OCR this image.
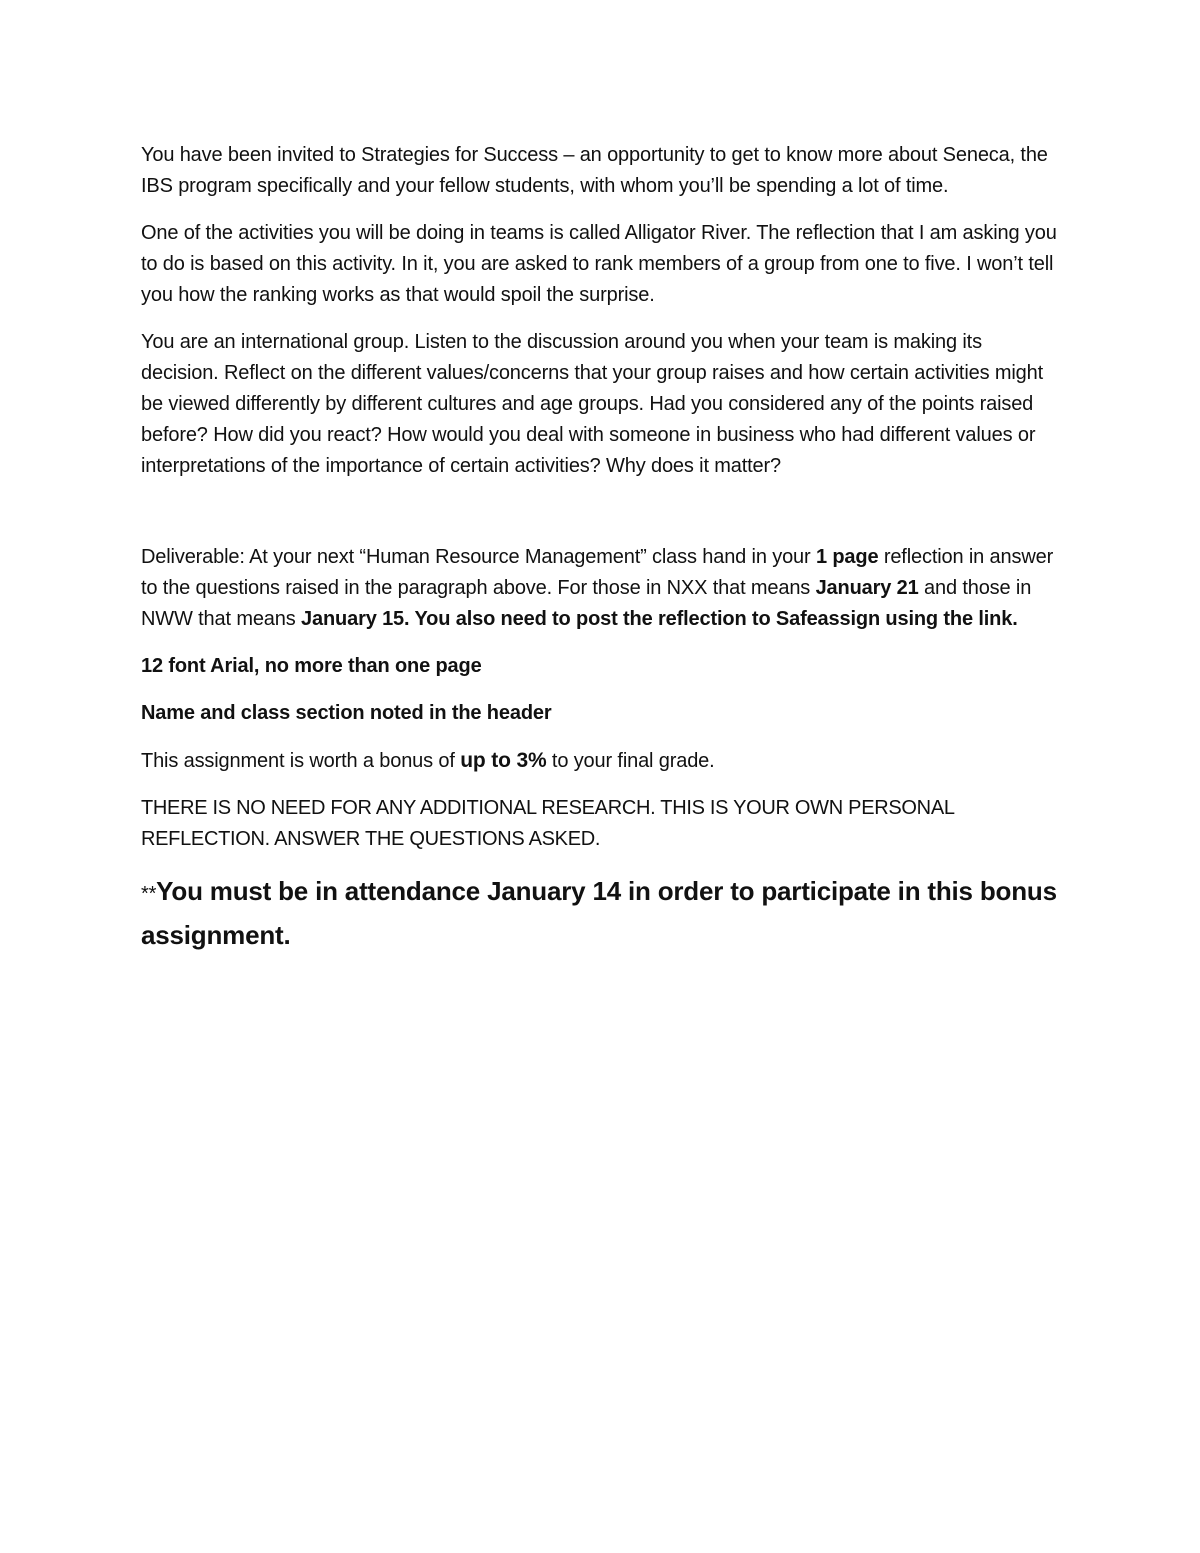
You have been invited to Strategies for Success – an opportunity to get to know more about Seneca, the IBS program specifically and your fellow students, with whom you’ll be spending a lot of time.

One of the activities you will be doing in teams is called Alligator River. The reflection that I am asking you to do is based on this activity. In it, you are asked to rank members of a group from one to five. I won’t tell you how the ranking works as that would spoil the surprise.

You are an international group. Listen to the discussion around you when your team is making its decision. Reflect on the different values/concerns that your group raises and how certain activities might be viewed differently by different cultures and age groups. Had you considered any of the points raised before? How did you react? How would you deal with someone in business who had different values or interpretations of the importance of certain activities? Why does it matter?

Deliverable: At your next “Human Resource Management” class hand in your 1 page reflection in answer to the questions raised in the paragraph above. For those in NXX that means January 21 and those in NWW that means January 15. You also need to post the reflection to Safeassign using the link.

12 font Arial, no more than one page

Name and class section noted in the header

This assignment is worth a bonus of up to 3% to your final grade.

THERE IS NO NEED FOR ANY ADDITIONAL RESEARCH. THIS IS YOUR OWN PERSONAL REFLECTION. ANSWER THE QUESTIONS ASKED.

**You must be in attendance January 14 in order to participate in this bonus assignment.
